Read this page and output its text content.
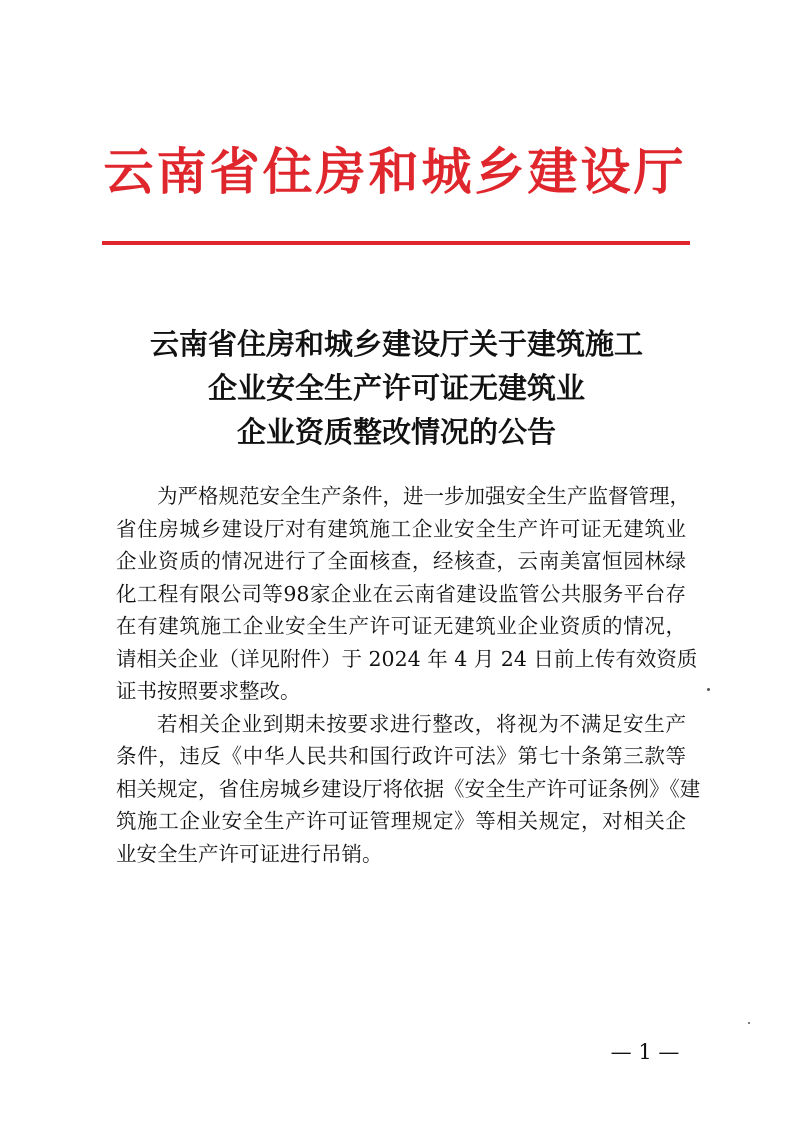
云南省住房和城乡建设厅
云南省住房和城乡建设厅关于建筑施工
企业安全生产许可证无建筑业
企业资质整改情况的公告
为严格规范安全生产条件，进一步加强安全生产监督管理，
省住房城乡建设厅对有建筑施工企业安全生产许可证无建筑业
企业资质的情况进行了全面核查，经核查，云南美富恒园林绿
化工程有限公司等98家企业在云南省建设监管公共服务平台存
在有建筑施工企业安全生产许可证无建筑业企业资质的情况，
请相关企业（详见附件）于 2024 年 4 月 24 日前上传有效资质
证书按照要求整改。
若相关企业到期未按要求进行整改，将视为不满足安生产
条件，违反《中华人民共和国行政许可法》第七十条第三款等
相关规定，省住房城乡建设厅将依据《安全生产许可证条例》《建
筑施工企业安全生产许可证管理规定》等相关规定，对相关企
业安全生产许可证进行吊销。
— 1 —
